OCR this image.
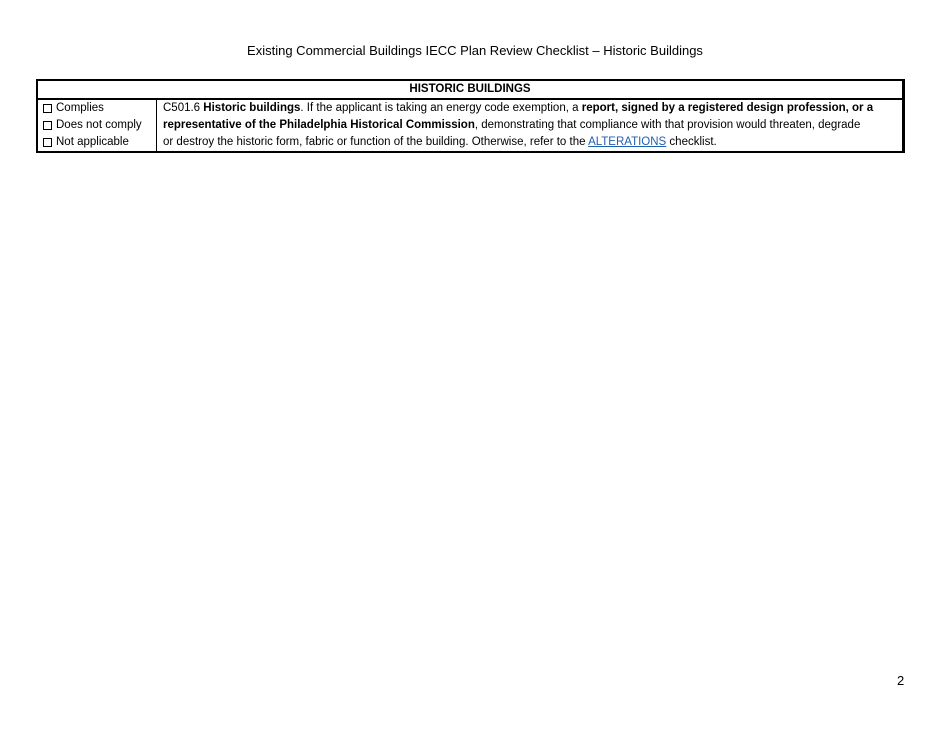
Existing Commercial Buildings IECC Plan Review Checklist – Historic Buildings
HISTORIC BUILDINGS
Complies
Does not comply
Not applicable
C501.6 Historic buildings. If the applicant is taking an energy code exemption, a report, signed by a registered design profession, or a
representative of the Philadelphia Historical Commission, demonstrating that compliance with that provision would threaten, degrade
or destroy the historic form, fabric or function of the building. Otherwise, refer to the ALTERATIONS checklist.
2
